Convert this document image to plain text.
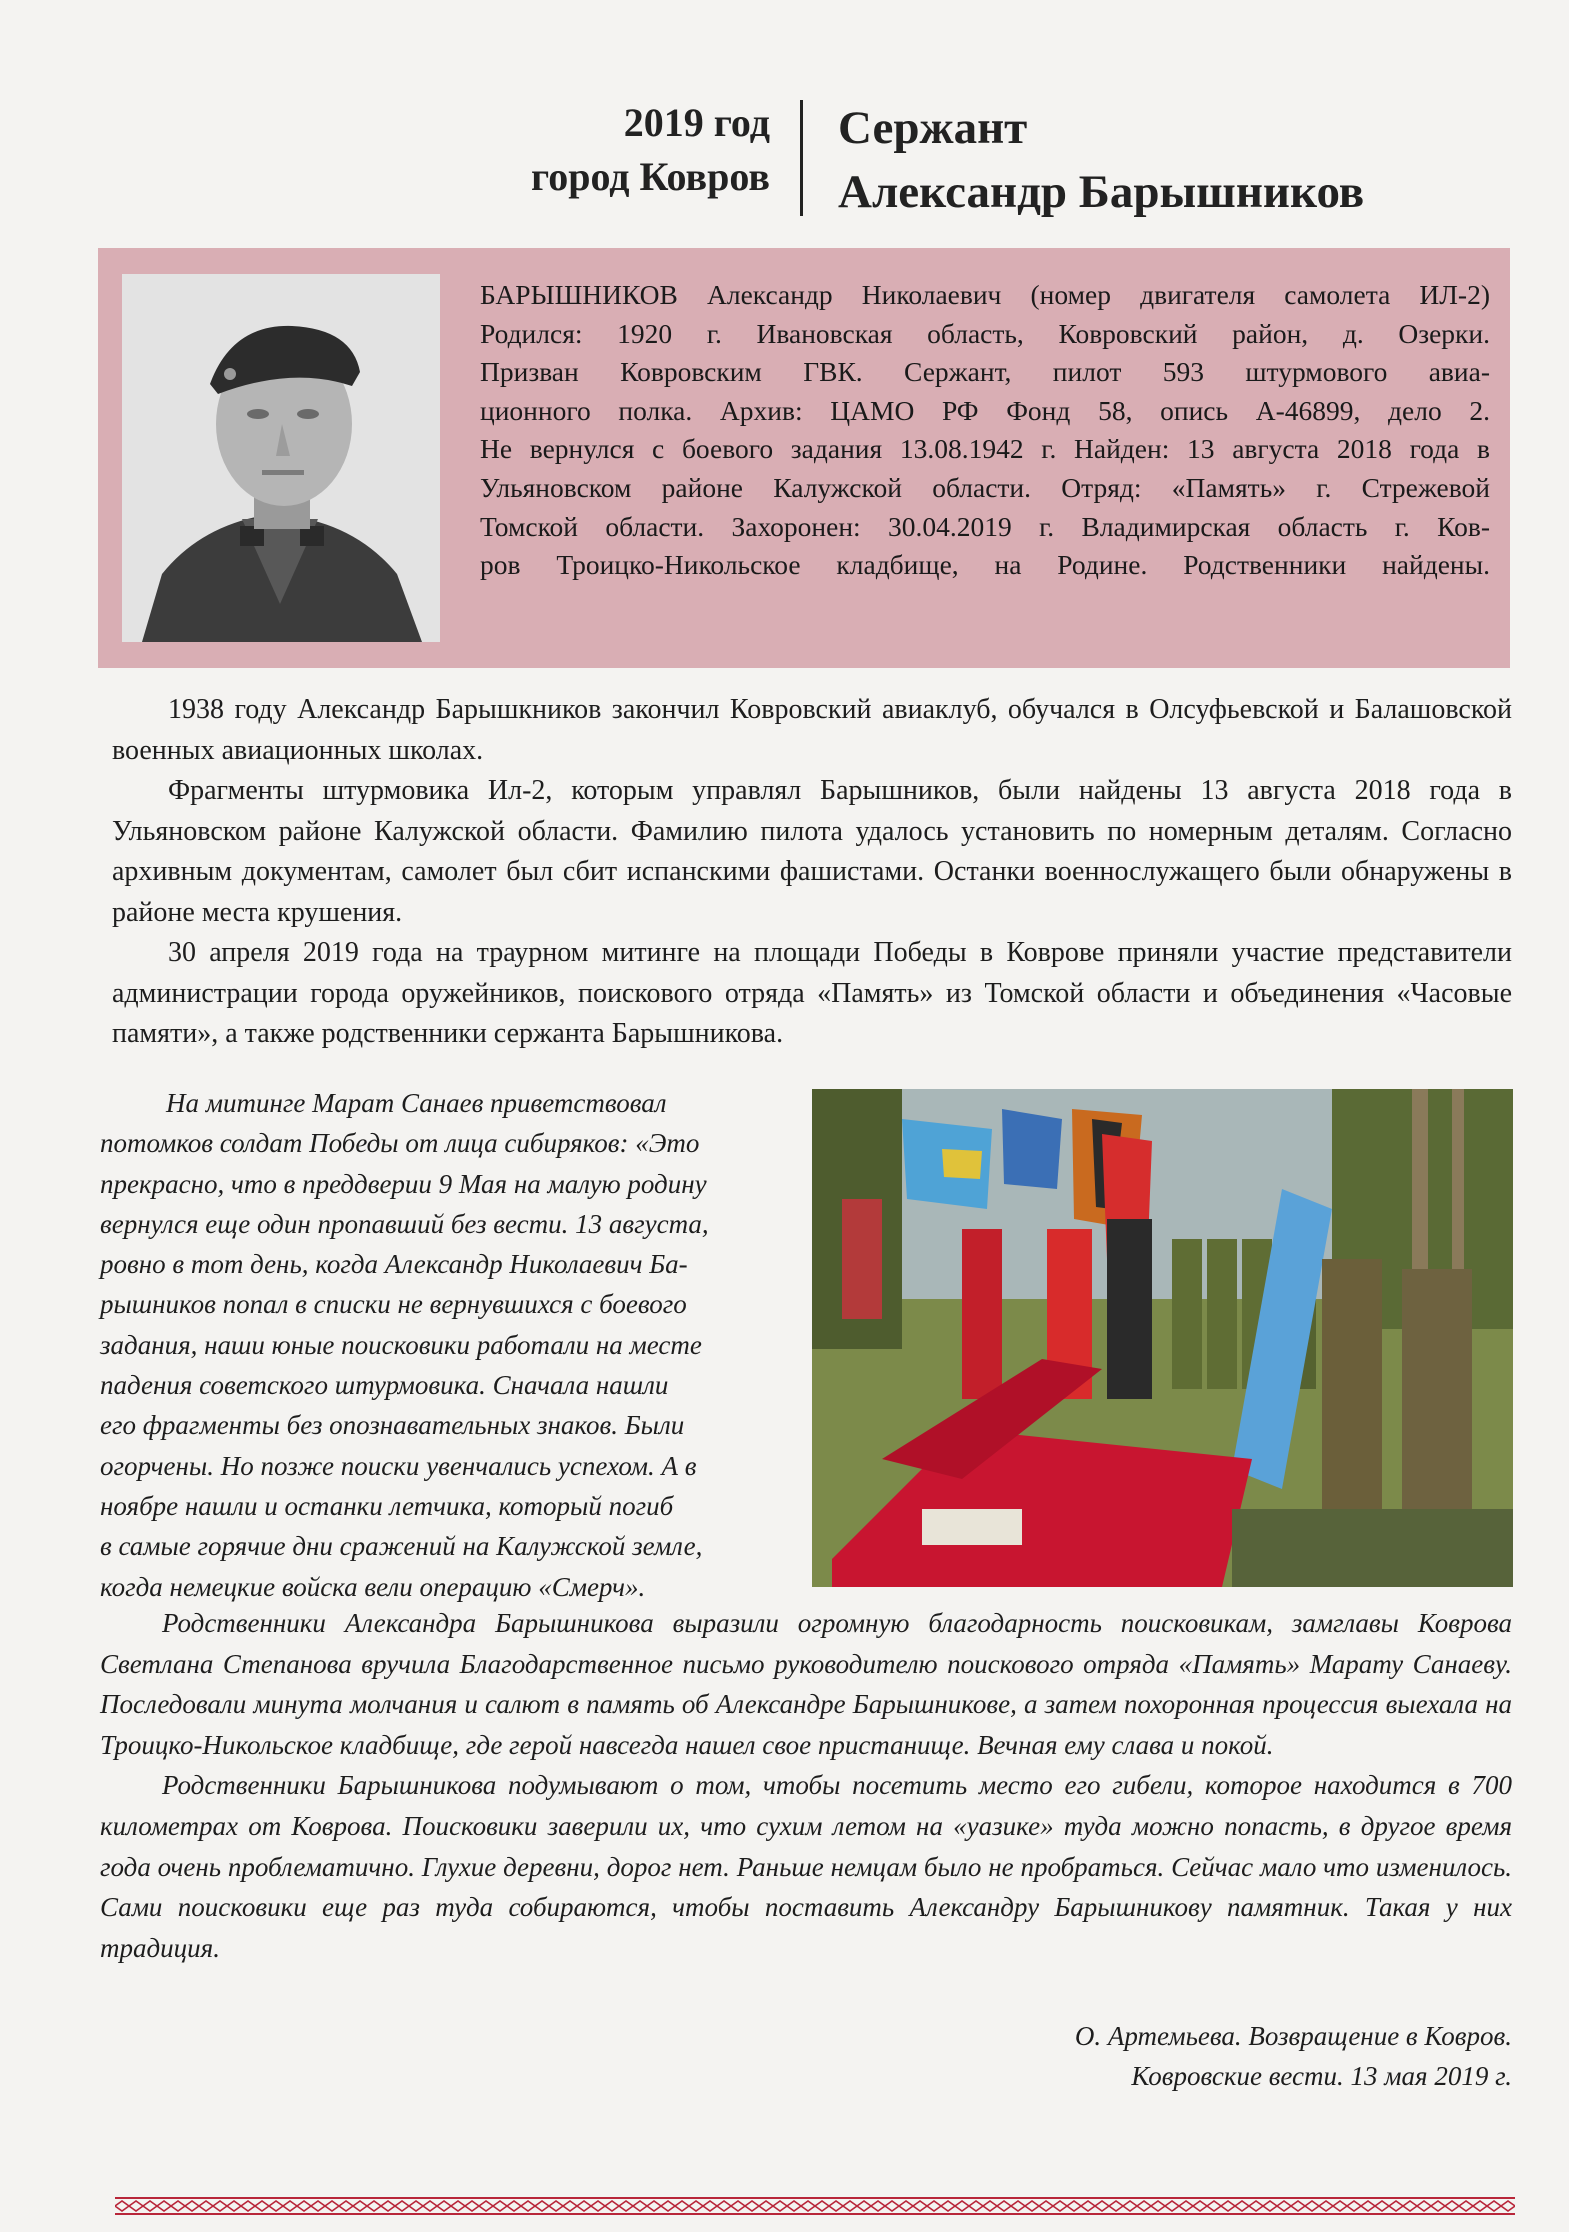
2019 год
город Ковров
Сержант
Александр Барышников
БАРЫШНИКОВ Александр Николаевич (номер двигателя самолета ИЛ-2)
Родился: 1920 г. Ивановская область, Ковровский район, д. Озерки.
Призван Ковровским ГВК. Сержант, пилот 593 штурмового авиа-
ционного полка. Архив: ЦАМО РФ Фонд 58, опись А-46899, дело 2.
Не вернулся с боевого задания 13.08.1942 г. Найден: 13 августа 2018 года в
Ульяновском районе Калужской области. Отряд: «Память» г. Стрежевой
Томской области. Захоронен: 30.04.2019 г. Владимирская область г. Ков-
ров Троицко-Никольское кладбище, на Родине. Родственники найдены.

1938 году Александр Барышкников закончил Ковровский авиаклуб, обучался в Олсуфьевской и Балашовской военных авиационных школах.

Фрагменты штурмовика Ил-2, которым управлял Барышников, были найдены 13 августа 2018 года в Ульяновском районе Калужской области. Фамилию пилота удалось установить по номерным деталям. Согласно архивным документам, самолет был сбит испанскими фашистами. Останки военнослужащего были обнаружены в районе места крушения.

30 апреля 2019 года на траурном митинге на площади Победы в Коврове приняли участие представители администрации города оружейников, поискового отряда «Память» из Томской области и объединения «Часовые памяти», а также родственники сержанта Барышникова.

На митинге Марат Санаев приветствовал
потомков солдат Победы от лица сибиряков: «Это
прекрасно, что в преддверии 9 Мая на малую родину
вернулся еще один пропавший без вести. 13 августа,
ровно в тот день, когда Александр Николаевич Ба-
рышников попал в списки не вернувшихся с боевого
задания, наши юные поисковики работали на месте
падения советского штурмовика. Сначала нашли
его фрагменты без опознавательных знаков. Были
огорчены. Но позже поиски увенчались успехом. А в
ноябре нашли и останки летчика, который погиб
в самые горячие дни сражений на Калужской земле,
когда немецкие войска вели операцию «Смерч».

Родственники Александра Барышникова выразили огромную благодарность поисковикам, замглавы Коврова Светлана Степанова вручила Благодарственное письмо руководителю поискового отряда «Память» Марату Санаеву. Последовали минута молчания и салют в память об Александре Барышникове, а затем похоронная процессия выехала на Троицко-Никольское кладбище, где герой навсегда нашел свое пристанище. Вечная ему слава и покой.

Родственники Барышникова подумывают о том, чтобы посетить место его гибели, которое находится в 700 километрах от Коврова. Поисковики заверили их, что сухим летом на «уазике» туда можно попасть, в другое время года очень проблематично. Глухие деревни, дорог нет. Раньше немцам было не пробраться. Сейчас мало что изменилось. Сами поисковики еще раз туда собираются, чтобы поставить Александру Барышникову памятник. Такая у них традиция.

О. Артемьева. Возвращение в Ковров.
Ковровские вести. 13 мая 2019 г.
